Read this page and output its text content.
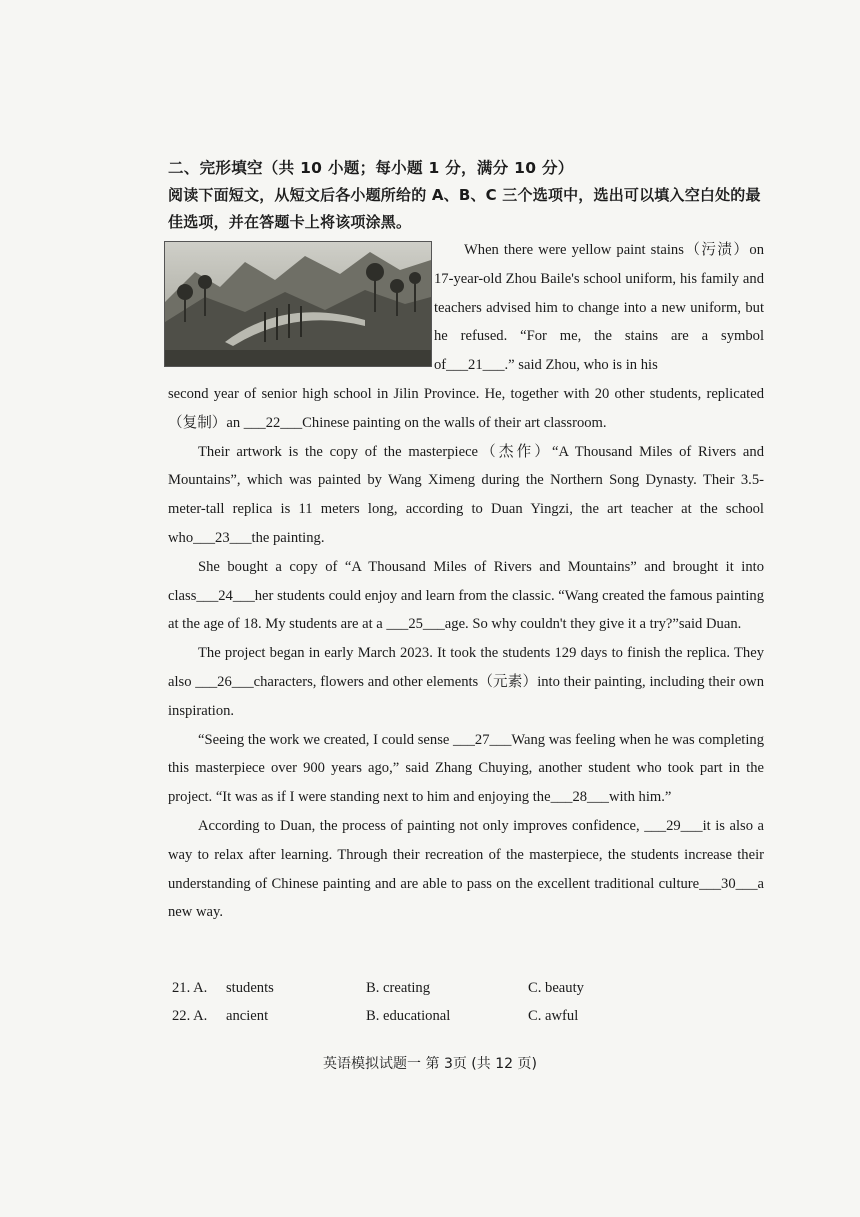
二、完形填空（共 10 小题；每小题 1 分，满分 10 分）
阅读下面短文，从短文后各小题所给的 A、B、C 三个选项中，选出可以填入空白处的最佳选项，并在答题卡上将该项涂黑。

When there were yellow paint stains（污渍）on 17-year-old Zhou Baile's school uniform, his family and teachers advised him to change into a new uniform, but he refused. “For me, the stains are a symbol of___21___.” said Zhou, who is in his

second year of senior high school in Jilin Province. He, together with 20 other students, replicated（复制）an ___22___Chinese painting on the walls of their art classroom.

Their artwork is the copy of the masterpiece（杰作）“A Thousand Miles of Rivers and Mountains”, which was painted by Wang Ximeng during the Northern Song Dynasty. Their 3.5-meter-tall replica is 11 meters long, according to Duan Yingzi, the art teacher at the school who___23___the painting.

She bought a copy of “A Thousand Miles of Rivers and Mountains” and brought it into class___24___her students could enjoy and learn from the classic. “Wang created the famous painting at the age of 18. My students are at a ___25___age. So why couldn't they give it a try?”said Duan.

The project began in early March 2023. It took the students 129 days to finish the replica. They also ___26___characters, flowers and other elements（元素）into their painting, including their own inspiration.

“Seeing the work we created, I could sense ___27___Wang was feeling when he was completing this masterpiece over 900 years ago,” said Zhang Chuying, another student who took part in the project. “It was as if I were standing next to him and enjoying the___28___with him.”

According to Duan, the process of painting not only improves confidence, ___29___it is also a way to relax after learning. Through their recreation of the masterpiece, the students increase their understanding of Chinese painting and are able to pass on the excellent traditional culture___30___a new way.

21. A. students	B. creating	C. beauty
22. A. ancient	B. educational	C. awful
英语模拟试题一 第 3页 (共 12 页)
